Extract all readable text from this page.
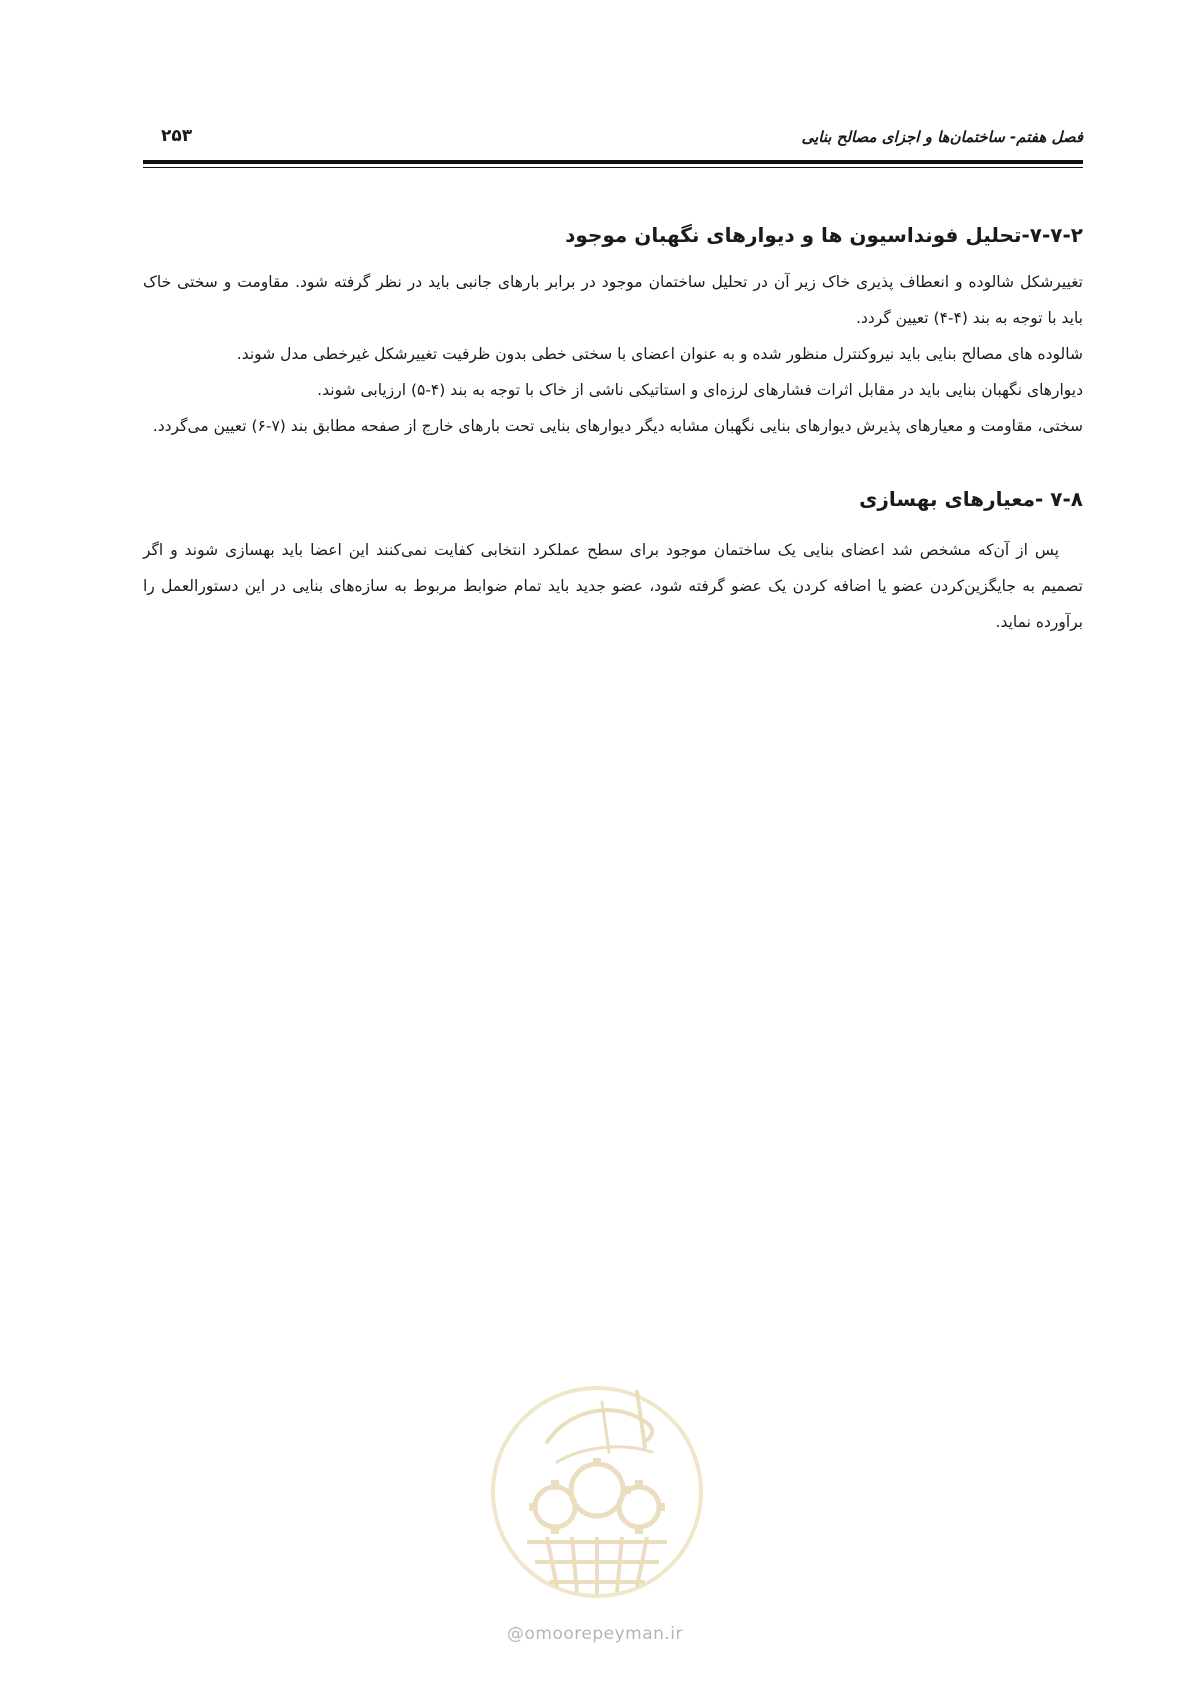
فصل هفتم- ساختمان‌ها و اجزای مصالح بنایی
۲۵۳
۷-۷-۲-تحلیل فونداسیون ها و دیوارهای نگهبان موجود

تغییرشکل شالوده و انعطاف پذیری خاک زیر آن در تحلیل ساختمان موجود در برابر بارهای جانبی باید در نظر گرفته شود. مقاومت و سختی خاک باید با توجه به بند (۴-۴) تعیین گردد.

شالوده های مصالح بنایی باید نیروکنترل منظور شده و به عنوان اعضای با سختی خطی بدون ظرفیت تغییرشکل غیرخطی مدل شوند.

دیوارهای نگهبان بنایی باید در مقابل اثرات فشارهای لرزه‌ای و استاتیکی ناشی از خاک با توجه به بند (۴-۵) ارزیابی شوند.

سختی، مقاومت و معیارهای پذیرش دیوارهای بنایی نگهبان مشابه دیگر دیوارهای بنایی تحت بارهای خارج از صفحه مطابق بند (۷-۶) تعیین می‌گردد.

۷-۸ -معیارهای بهسازی

پس از آن‌که مشخص شد اعضای بنایی یک ساختمان موجود برای سطح عملکرد انتخابی کفایت نمی‌کنند این اعضا باید بهسازی شوند و اگر تصمیم به جایگزین‌کردن عضو یا اضافه کردن یک عضو گرفته شود، عضو جدید باید تمام ضوابط مربوط به سازه‌های بنایی در این دستورالعمل را برآورده نماید.

@omoorepeyman.ir
